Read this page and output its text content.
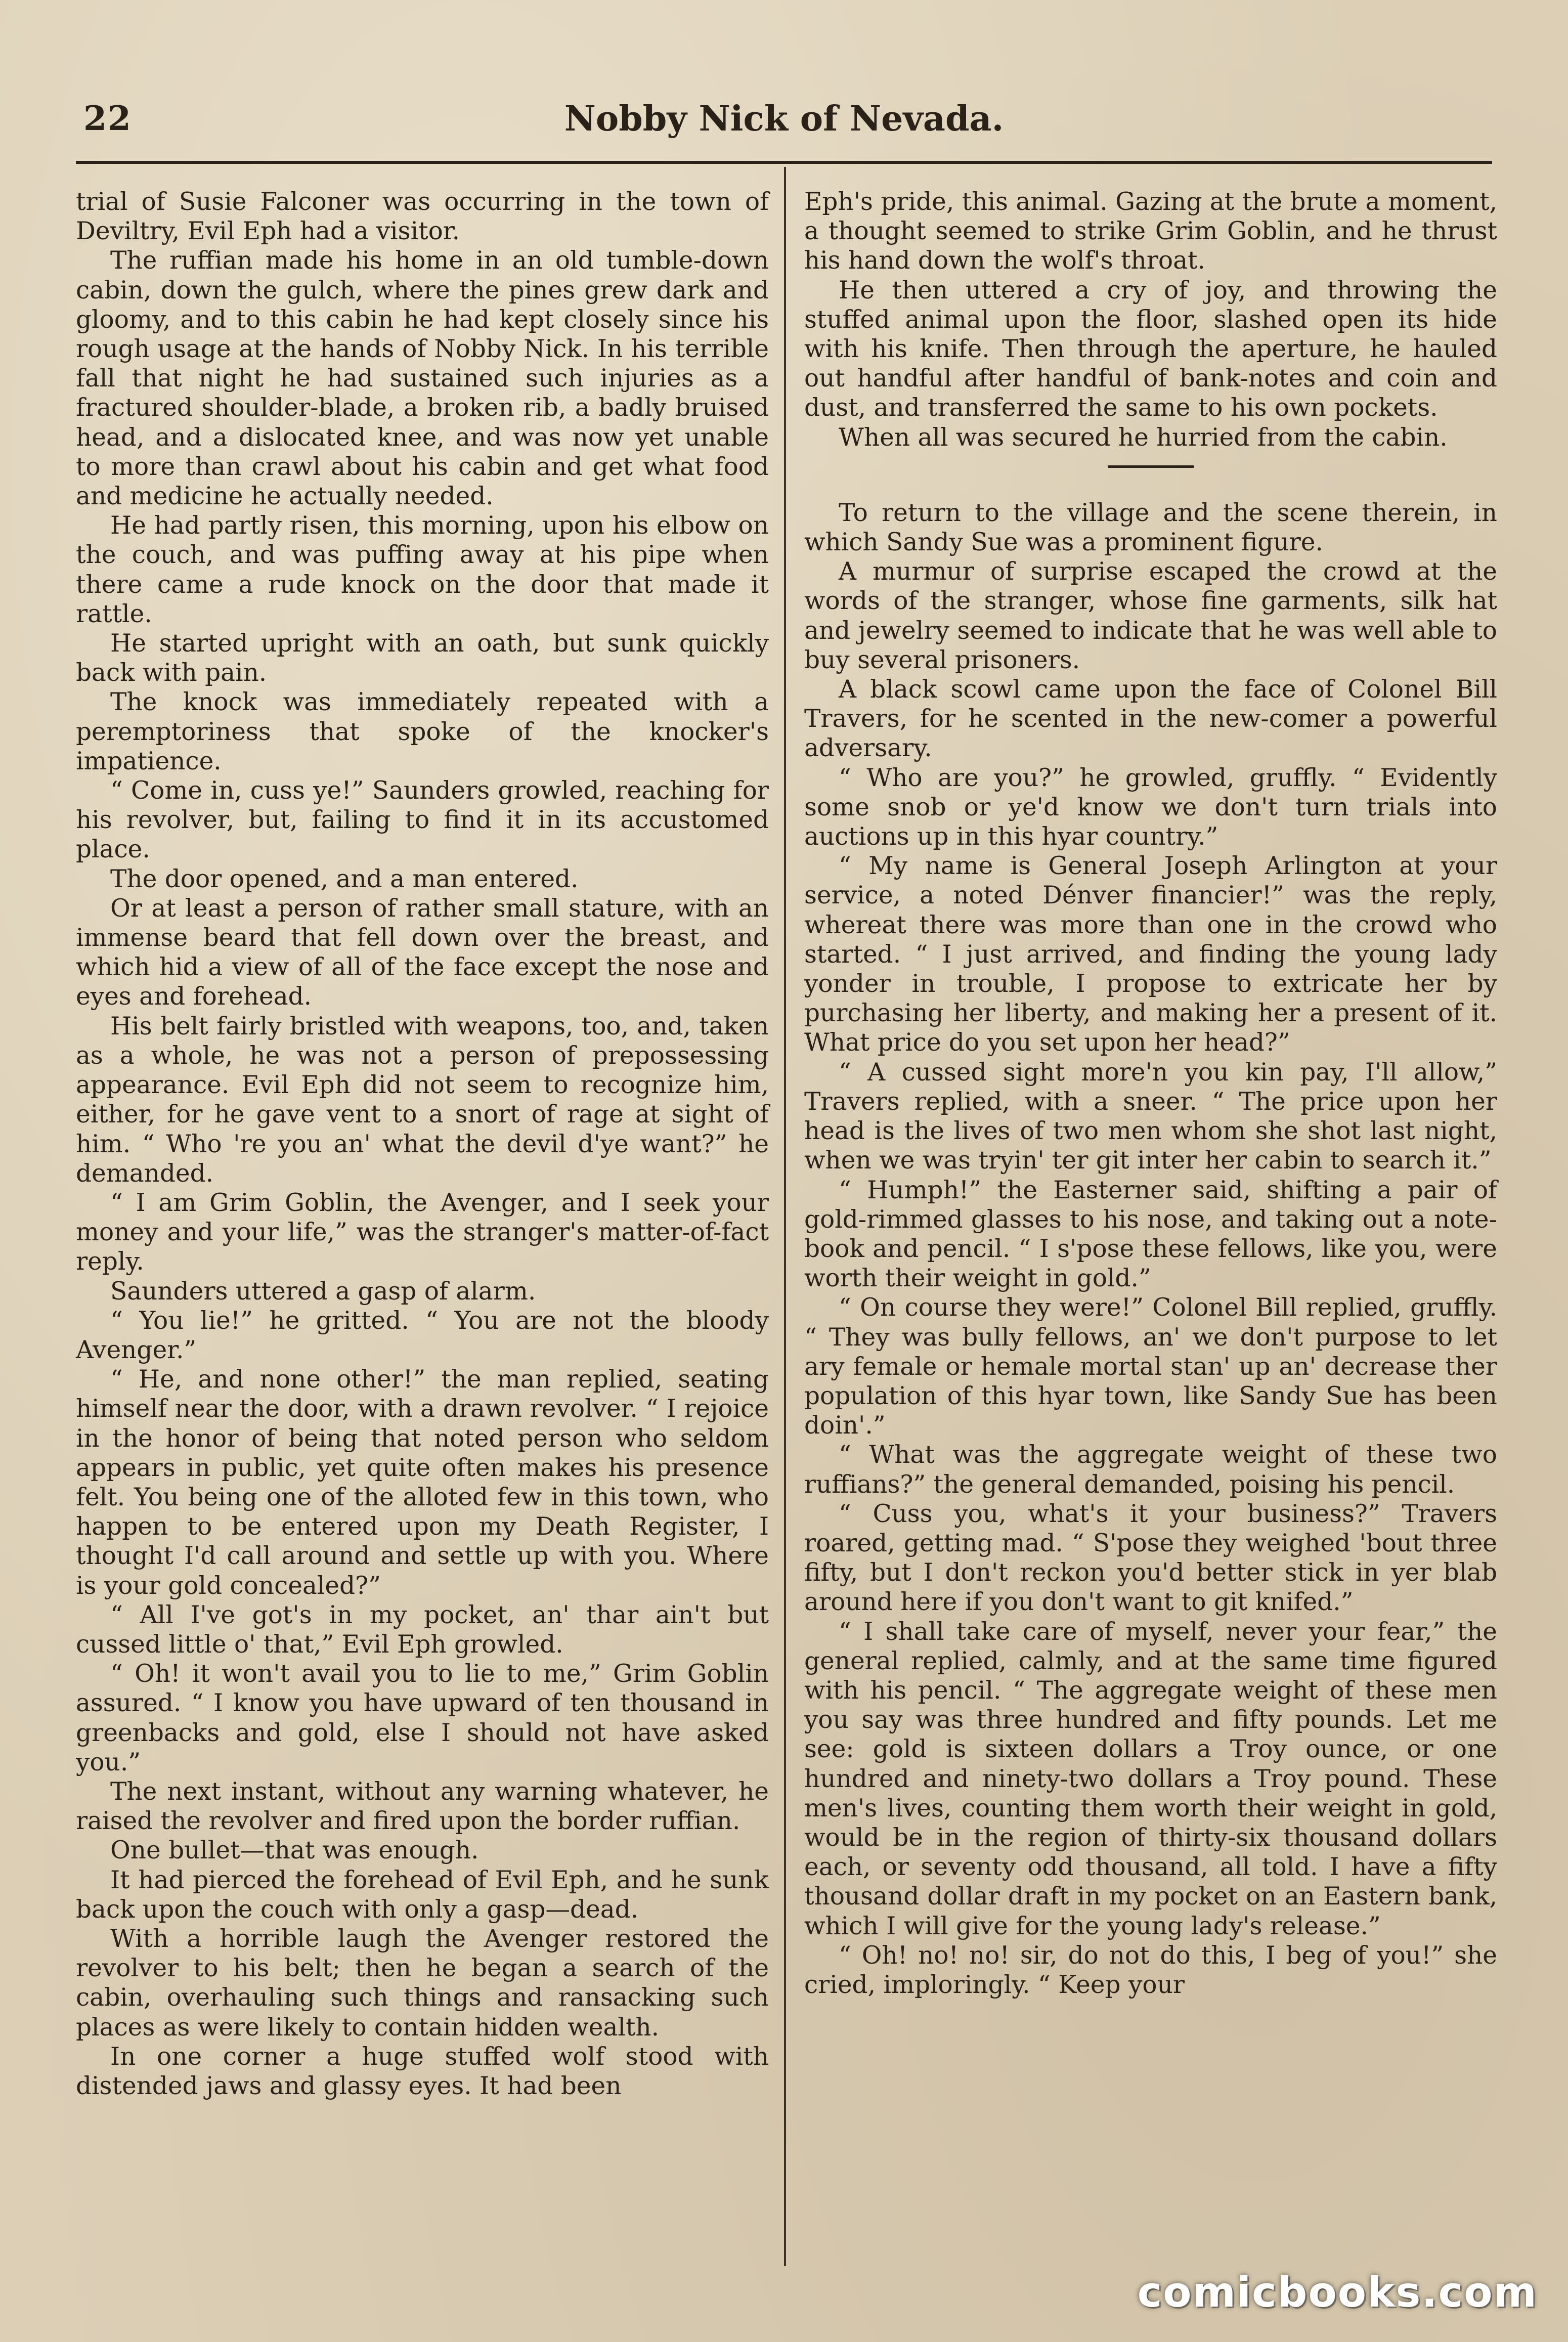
22	Nobby Nick of Nevada.

trial of Susie Falconer was occurring in the town of Deviltry, Evil Eph had a visitor.

The ruffian made his home in an old tumble-down cabin, down the gulch, where the pines grew dark and gloomy, and to this cabin he had kept closely since his rough usage at the hands of Nobby Nick. In his terrible fall that night he had sustained such injuries as a fractured shoulder-blade, a broken rib, a badly bruised head, and a dislocated knee, and was now yet unable to more than crawl about his cabin and get what food and medicine he actually needed.

He had partly risen, this morning, upon his elbow on the couch, and was puffing away at his pipe when there came a rude knock on the door that made it rattle.

He started upright with an oath, but sunk quickly back with pain.

The knock was immediately repeated with a peremptoriness that spoke of the knocker's impatience.

“ Come in, cuss ye!” Saunders growled, reaching for his revolver, but, failing to find it in its accustomed place.

The door opened, and a man entered.

Or at least a person of rather small stature, with an immense beard that fell down over the breast, and which hid a view of all of the face except the nose and eyes and forehead.

His belt fairly bristled with weapons, too, and, taken as a whole, he was not a person of prepossessing appearance. Evil Eph did not seem to recognize him, either, for he gave vent to a snort of rage at sight of him. “ Who 're you an' what the devil d'ye want?” he demanded.

“ I am Grim Goblin, the Avenger, and I seek your money and your life,” was the stranger's matter-of-fact reply.

Saunders uttered a gasp of alarm.

“ You lie!” he gritted. “ You are not the bloody Avenger.”

“ He, and none other!” the man replied, seating himself near the door, with a drawn revolver. “ I rejoice in the honor of being that noted person who seldom appears in public, yet quite often makes his presence felt. You being one of the alloted few in this town, who happen to be entered upon my Death Register, I thought I'd call around and settle up with you. Where is your gold concealed?”

“ All I've got's in my pocket, an' thar ain't but cussed little o' that,” Evil Eph growled.

“ Oh! it won't avail you to lie to me,” Grim Goblin assured. “ I know you have upward of ten thousand in greenbacks and gold, else I should not have asked you.”

The next instant, without any warning whatever, he raised the revolver and fired upon the border ruffian.

One bullet—that was enough.

It had pierced the forehead of Evil Eph, and he sunk back upon the couch with only a gasp—dead.

With a horrible laugh the Avenger restored the revolver to his belt; then he began a search of the cabin, overhauling such things and ransacking such places as were likely to contain hidden wealth.

In one corner a huge stuffed wolf stood with distended jaws and glassy eyes. It had been

Eph's pride, this animal. Gazing at the brute a moment, a thought seemed to strike Grim Goblin, and he thrust his hand down the wolf's throat.

He then uttered a cry of joy, and throwing the stuffed animal upon the floor, slashed open its hide with his knife. Then through the aperture, he hauled out handful after handful of bank-notes and coin and dust, and transferred the same to his own pockets.

When all was secured he hurried from the cabin.

To return to the village and the scene therein, in which Sandy Sue was a prominent figure.

A murmur of surprise escaped the crowd at the words of the stranger, whose fine garments, silk hat and jewelry seemed to indicate that he was well able to buy several prisoners.

A black scowl came upon the face of Colonel Bill Travers, for he scented in the new-comer a powerful adversary.

“ Who are you?” he growled, gruffly. “ Evidently some snob or ye'd know we don't turn trials into auctions up in this hyar country.”

“ My name is General Joseph Arlington at your service, a noted Dénver financier!” was the reply, whereat there was more than one in the crowd who started. “ I just arrived, and finding the young lady yonder in trouble, I propose to extricate her by purchasing her liberty, and making her a present of it. What price do you set upon her head?”

“ A cussed sight more'n you kin pay, I'll allow,” Travers replied, with a sneer. “ The price upon her head is the lives of two men whom she shot last night, when we was tryin' ter git inter her cabin to search it.”

“ Humph!” the Easterner said, shifting a pair of gold-rimmed glasses to his nose, and taking out a note-book and pencil. “ I s'pose these fellows, like you, were worth their weight in gold.”

“ On course they were!” Colonel Bill replied, gruffly. “ They was bully fellows, an' we don't purpose to let ary female or hemale mortal stan' up an' decrease ther population of this hyar town, like Sandy Sue has been doin'.”

“ What was the aggregate weight of these two ruffians?” the general demanded, poising his pencil.

“ Cuss you, what's it your business?” Travers roared, getting mad. “ S'pose they weighed 'bout three fifty, but I don't reckon you'd better stick in yer blab around here if you don't want to git knifed.”

“ I shall take care of myself, never your fear,” the general replied, calmly, and at the same time figured with his pencil. “ The aggregate weight of these men you say was three hundred and fifty pounds. Let me see: gold is sixteen dollars a Troy ounce, or one hundred and ninety-two dollars a Troy pound. These men's lives, counting them worth their weight in gold, would be in the region of thirty-six thousand dollars each, or seventy odd thousand, all told. I have a fifty thousand dollar draft in my pocket on an Eastern bank, which I will give for the young lady's release.”

“ Oh! no! no! sir, do not do this, I beg of you!” she cried, imploringly. “ Keep your

comicbooks.com
